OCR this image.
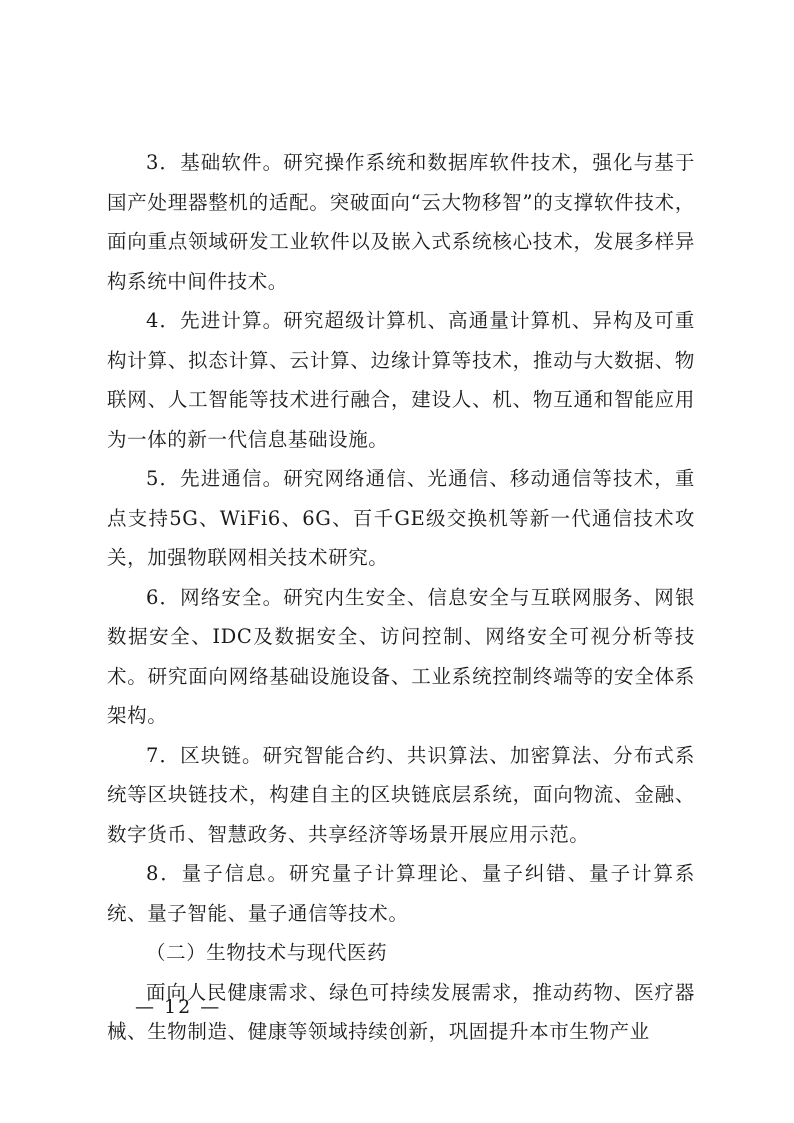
3．基础软件。研究操作系统和数据库软件技术，强化与基于国产处理器整机的适配。突破面向“云大物移智”的支撑软件技术，面向重点领域研发工业软件以及嵌入式系统核心技术，发展多样异构系统中间件技术。

4．先进计算。研究超级计算机、高通量计算机、异构及可重构计算、拟态计算、云计算、边缘计算等技术，推动与大数据、物联网、人工智能等技术进行融合，建设人、机、物互通和智能应用为一体的新一代信息基础设施。

5．先进通信。研究网络通信、光通信、移动通信等技术，重点支持5G、WiFi6、6G、百千GE级交换机等新一代通信技术攻关，加强物联网相关技术研究。

6．网络安全。研究内生安全、信息安全与互联网服务、网银数据安全、IDC及数据安全、访问控制、网络安全可视分析等技术。研究面向网络基础设施设备、工业系统控制终端等的安全体系架构。

7．区块链。研究智能合约、共识算法、加密算法、分布式系统等区块链技术，构建自主的区块链底层系统，面向物流、金融、数字货币、智慧政务、共享经济等场景开展应用示范。

8．量子信息。研究量子计算理论、量子纠错、量子计算系统、量子智能、量子通信等技术。

（二）生物技术与现代医药

面向人民健康需求、绿色可持续发展需求，推动药物、医疗器械、生物制造、健康等领域持续创新，巩固提升本市生物产业

— 12 —
